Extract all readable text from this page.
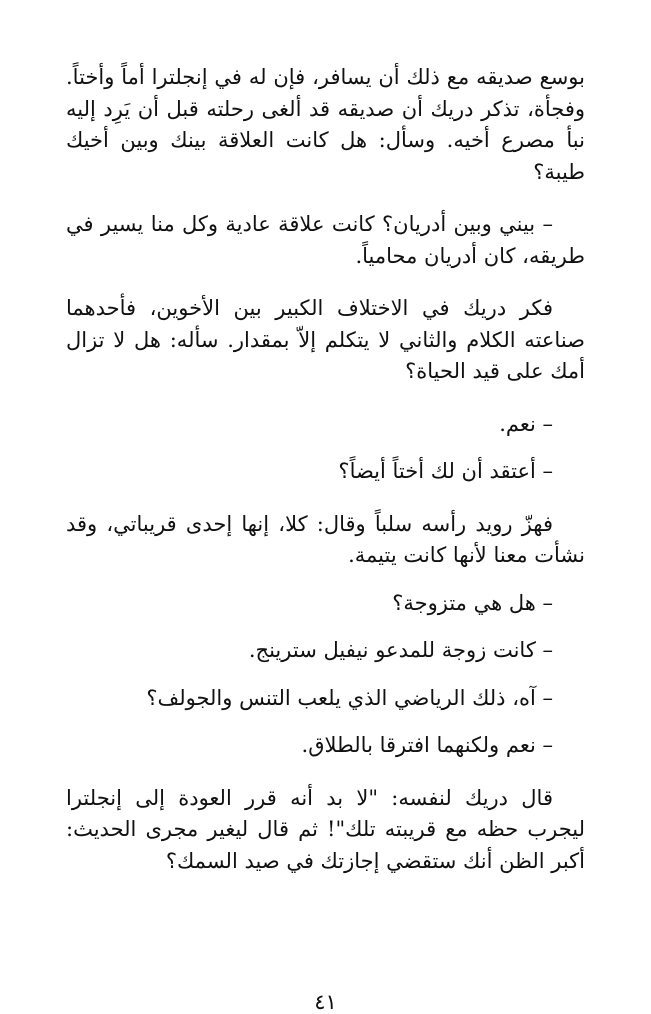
بوسع صديقه مع ذلك أن يسافر، فإن له في إنجلترا أماً وأختاً. وفجأة، تذكر دريك أن صديقه قد ألغى رحلته قبل أن يَرِد إليه نبأ مصرع أخيه. وسأل: هل كانت العلاقة بينك وبين أخيك طيبة؟

– بيني وبين أدريان؟ كانت علاقة عادية وكل منا يسير في طريقه، كان أدريان محامياً.

فكر دريك في الاختلاف الكبير بين الأخوين، فأحدهما صناعته الكلام والثاني لا يتكلم إلاّ بمقدار. سأله: هل لا تزال أمك على قيد الحياة؟

– نعم.

– أعتقد أن لك أختاً أيضاً؟

فهزّ رويد رأسه سلباً وقال: كلا، إنها إحدى قريباتي، وقد نشأت معنا لأنها كانت يتيمة.

– هل هي متزوجة؟

– كانت زوجة للمدعو نيفيل سترينج.

– آه، ذلك الرياضي الذي يلعب التنس والجولف؟

– نعم ولكنهما افترقا بالطلاق.

قال دريك لنفسه: "لا بد أنه قرر العودة إلى إنجلترا ليجرب حظه مع قريبته تلك"! ثم قال ليغير مجرى الحديث: أكبر الظن أنك ستقضي إجازتك في صيد السمك؟

٤١
